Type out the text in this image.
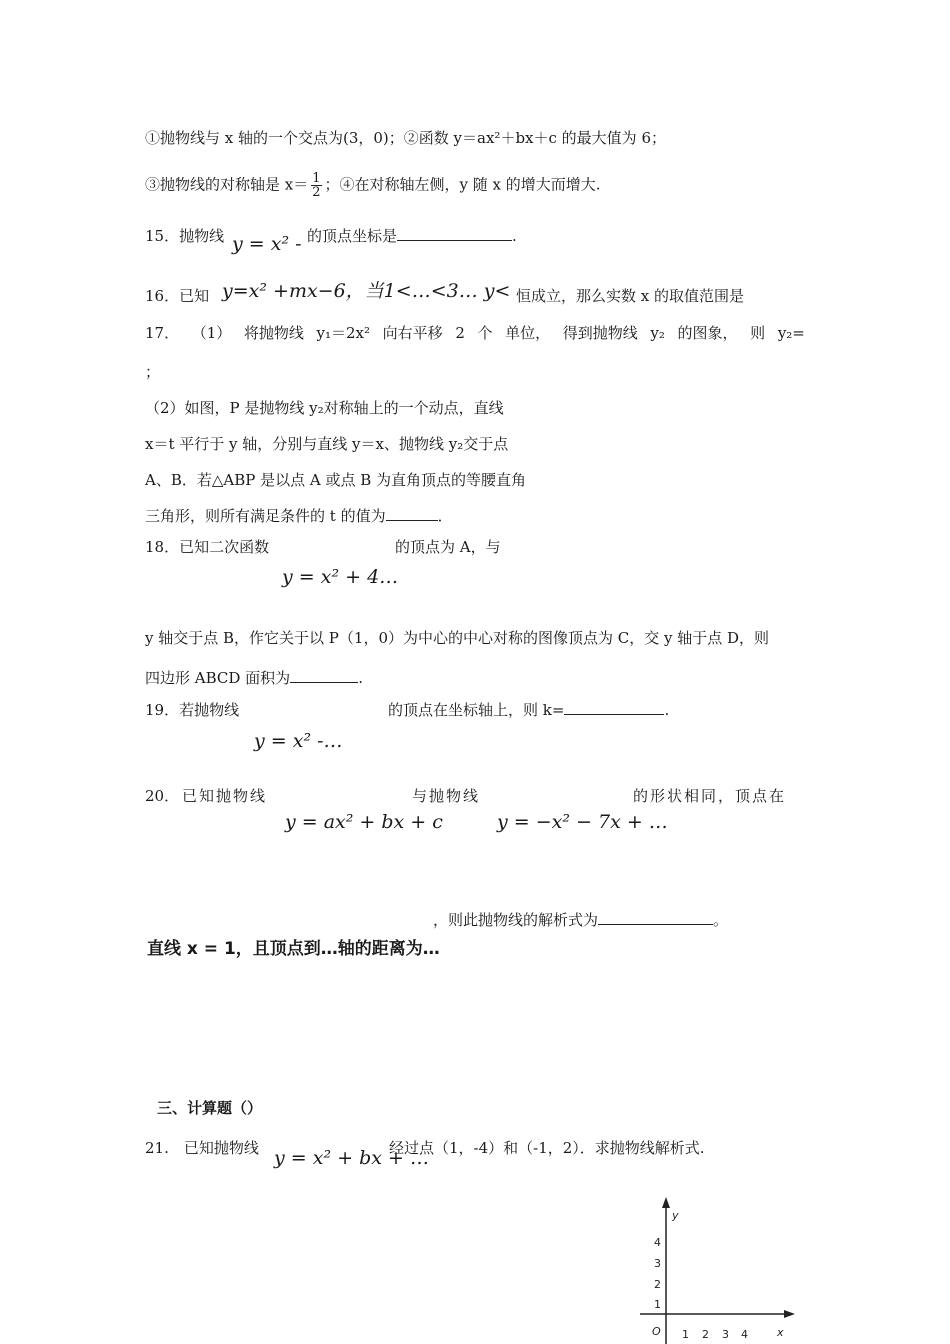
①抛物线与 x 轴的一个交点为(3，0)；②函数 y＝ax²＋bx＋c 的最大值为 6；
③抛物线的对称轴是 $x= \frac{1}{2}$ ；④在对称轴左侧，y 随 x 的增大而增大.
15．抛物线 y = x² - 的顶点坐标是	.
16．已知 y=x² +mx−6，当1<…<3… y< 恒成立，那么实数 x 的取值范围是
17． （1） 将抛物线 y₁＝2x² 向右平移 2 个 单位， 得到抛物线 y₂ 的图象， 则 y₂=
；
（2）如图，P 是抛物线 y₂对称轴上的一个动点，直线
x＝t 平行于 y 轴，分别与直线 y＝x、抛物线 y₂交于点
A、B．若△ABP 是以点 A 或点 B 为直角顶点的等腰直角
三角形，则所有满足条件的 t 的值为	．
18．已知二次函数	的顶点为 A，与
y = x² + 4…
y 轴交于点 B，作它关于以 P（1，0）为中心的中心对称的图像顶点为 C，交 y 轴于点 D，则
四边形 ABCD 面积为	.
19．若抛物线	的顶点在坐标轴上，则 k=	.
y = x² -…
20． 已知抛物线	与抛物线	的形状相同，顶点在
y = ax² + bx + c	y = −x² − 7x + …
，则此抛物线的解析式为	。
直线 x = 1，且顶点到…轴的距离为…
三、计算题（）
21.　已知抛物线 y = x² + bx + …
经过点（1，-4）和（-1，2）．求抛物线解析式.
y
x
O
4
3
2
1
1 2 3 4
